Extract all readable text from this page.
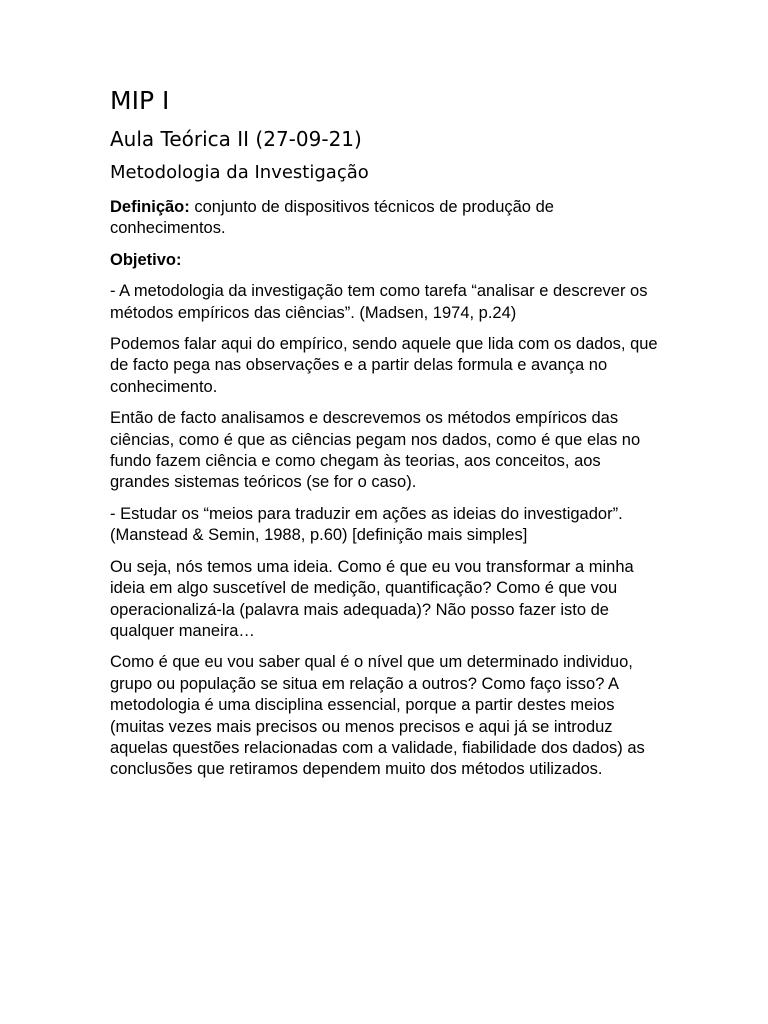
MIP I
Aula Teórica II (27-09-21)
Metodologia da Investigação

Definição: conjunto de dispositivos técnicos de produção de conhecimentos.

Objetivo:

- A metodologia da investigação tem como tarefa “analisar e descrever os métodos empíricos das ciências”. (Madsen, 1974, p.24)

Podemos falar aqui do empírico, sendo aquele que lida com os dados, que de facto pega nas observações e a partir delas formula e avança no conhecimento.

Então de facto analisamos e descrevemos os métodos empíricos das ciências, como é que as ciências pegam nos dados, como é que elas no fundo fazem ciência e como chegam às teorias, aos conceitos, aos grandes sistemas teóricos (se for o caso).

- Estudar os “meios para traduzir em ações as ideias do investigador”. (Manstead & Semin, 1988, p.60) [definição mais simples]

Ou seja, nós temos uma ideia. Como é que eu vou transformar a minha ideia em algo suscetível de medição, quantificação? Como é que vou operacionalizá-la (palavra mais adequada)? Não posso fazer isto de qualquer maneira…

Como é que eu vou saber qual é o nível que um determinado individuo, grupo ou população se situa em relação a outros? Como faço isso? A metodologia é uma disciplina essencial, porque a partir destes meios (muitas vezes mais precisos ou menos precisos e aqui já se introduz aquelas questões relacionadas com a validade, fiabilidade dos dados) as conclusões que retiramos dependem muito dos métodos utilizados.
